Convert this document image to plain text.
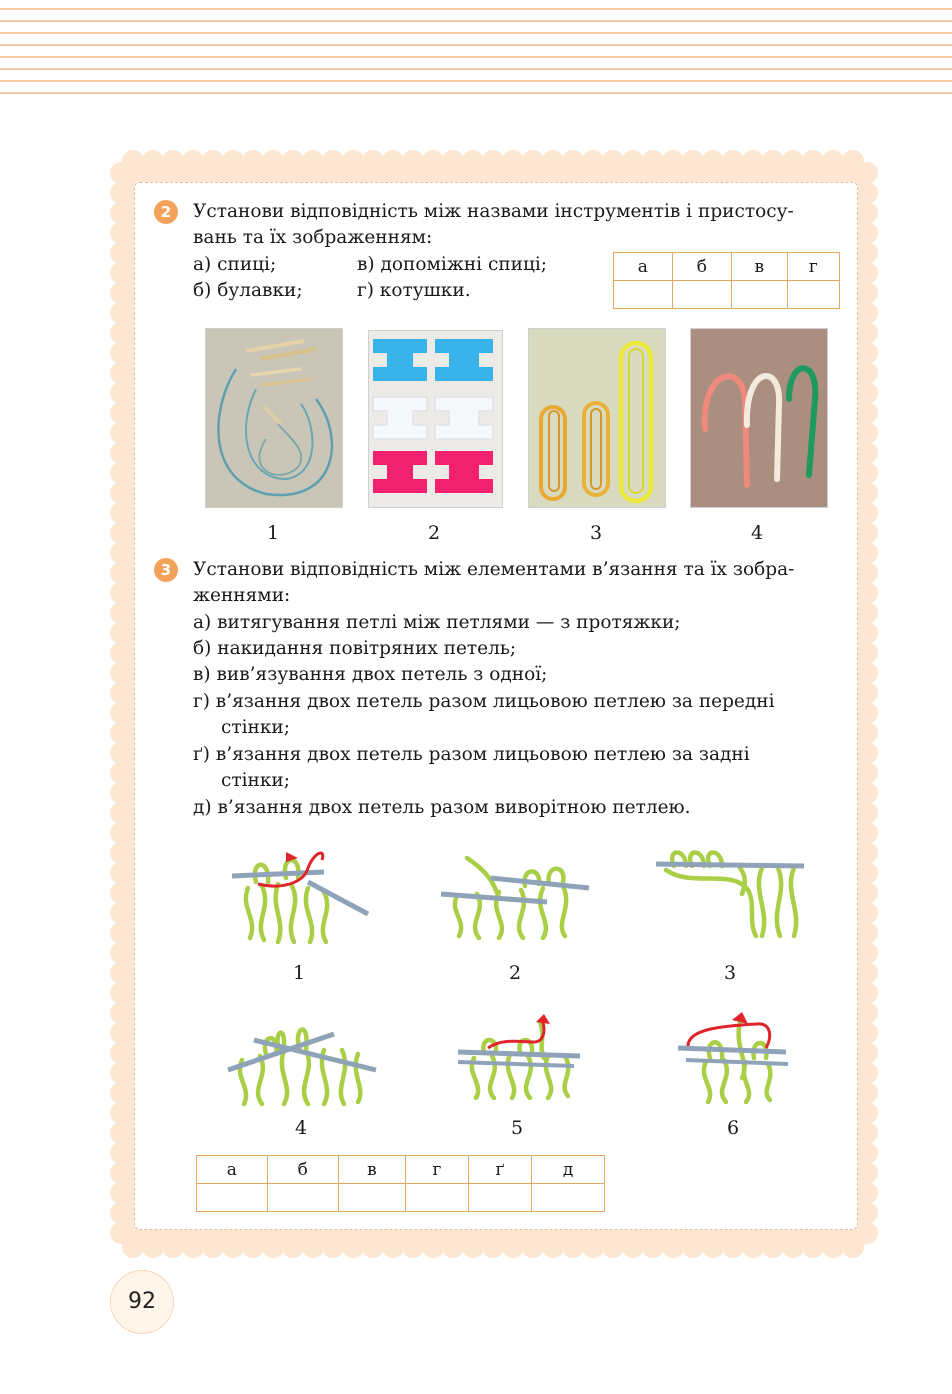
2	Установи відповідність між назвами інструментів і пристосу-
вань та їх зображенням:
а) спиці;
б) булавки;
в) допоміжні спиці;
г) котушки.
а	б	в	г

1	2	3	4
3	Установи відповідність між елементами в’язання та їх зобра-
женнями:
а) витягування петлі між петлями — з протяжки;
б) накидання повітряних петель;
в) вив’язування двох петель з одної;
г) в’язання двох петель разом лицьовою петлею за передні
стінки;
ґ) в’язання двох петель разом лицьовою петлею за задні
стінки;
д) в’язання двох петель разом виворітною петлею.
1	2	3
4	5	6
а	б	в	г	ґ	д

92
